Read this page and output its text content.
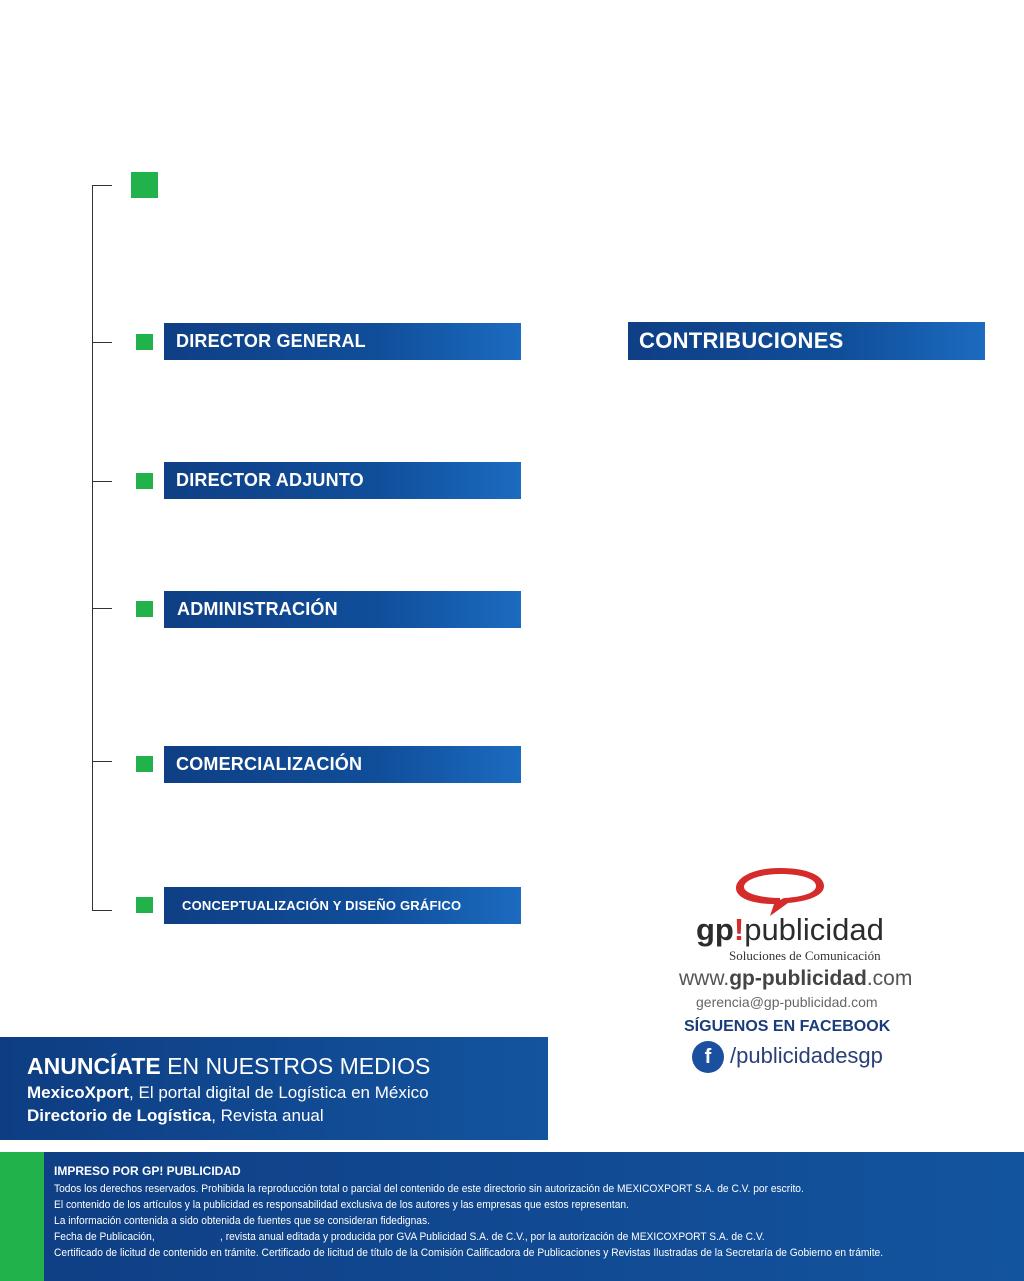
DIRECTOR GENERAL
DIRECTOR ADJUNTO
ADMINISTRACIÓN
COMERCIALIZACIÓN
CONCEPTUALIZACIÓN Y DISEÑO GRÁFICO
CONTRIBUCIONES
gp!publicidad
Soluciones de Comunicación
www.gp-publicidad.com
gerencia@gp-publicidad.com
SÍGUENOS EN FACEBOOK
f /publicidadesgp
ANUNCÍATE EN NUESTROS MEDIOS
MexicoXport, El portal digital de Logística en México
Directorio de Logística, Revista anual
IMPRESO POR GP! PUBLICIDAD
Todos los derechos reservados. Prohibida la reproducción total o parcial del contenido de este directorio sin autorización de MEXICOXPORT S.A. de C.V. por escrito.
El contenido de los artículos y la publicidad es responsabilidad exclusiva de los autores y las empresas que estos representan.
La información contenida a sido obtenida de fuentes que se consideran fidedignas.
Fecha de Publicación,                       , revista anual editada y producida por GVA Publicidad S.A. de C.V., por la autorización de MEXICOXPORT S.A. de C.V.
Certificado de licitud de contenido en trámite. Certificado de licitud de título de la Comisión Calificadora de Publicaciones y Revistas Ilustradas de la Secretaría de Gobierno en trámite.
